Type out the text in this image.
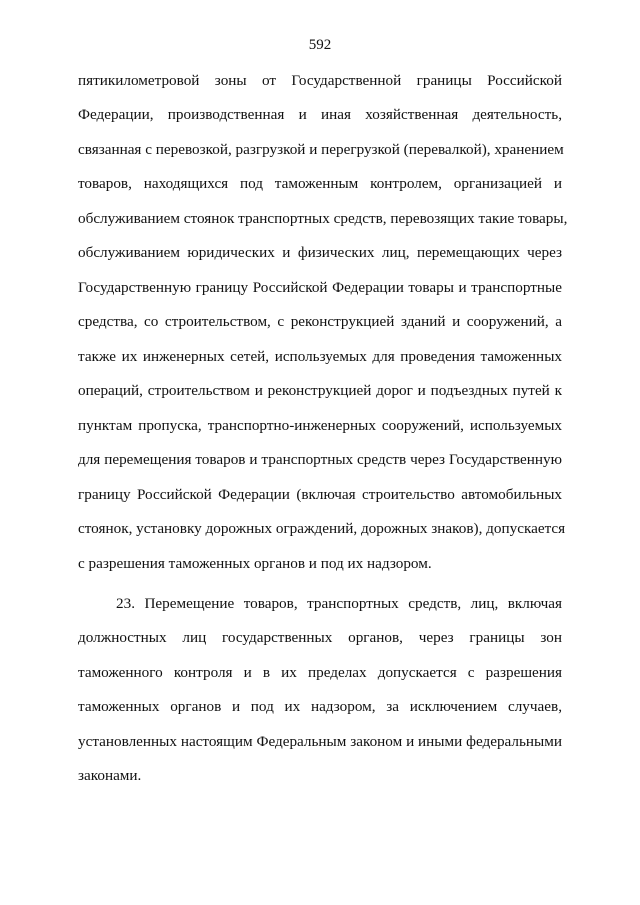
592
пятикилометровой зоны от Государственной границы Российской
Федерации, производственная и иная хозяйственная деятельность,
связанная с перевозкой, разгрузкой и перегрузкой (перевалкой), хранением
товаров, находящихся под таможенным контролем, организацией и
обслуживанием стоянок транспортных средств, перевозящих такие товары,
обслуживанием юридических и физических лиц, перемещающих через
Государственную границу Российской Федерации товары и транспортные
средства, со строительством, с реконструкцией зданий и сооружений, а
также их инженерных сетей, используемых для проведения таможенных
операций, строительством и реконструкцией дорог и подъездных путей к
пунктам пропуска, транспортно-инженерных сооружений, используемых
для перемещения товаров и транспортных средств через Государственную
границу Российской Федерации (включая строительство автомобильных
стоянок, установку дорожных ограждений, дорожных знаков), допускается
с разрешения таможенных органов и под их надзором.
23. Перемещение товаров, транспортных средств, лиц, включая
должностных лиц государственных органов, через границы зон
таможенного контроля и в их пределах допускается с разрешения
таможенных органов и под их надзором, за исключением случаев,
установленных настоящим Федеральным законом и иными федеральными
законами.
